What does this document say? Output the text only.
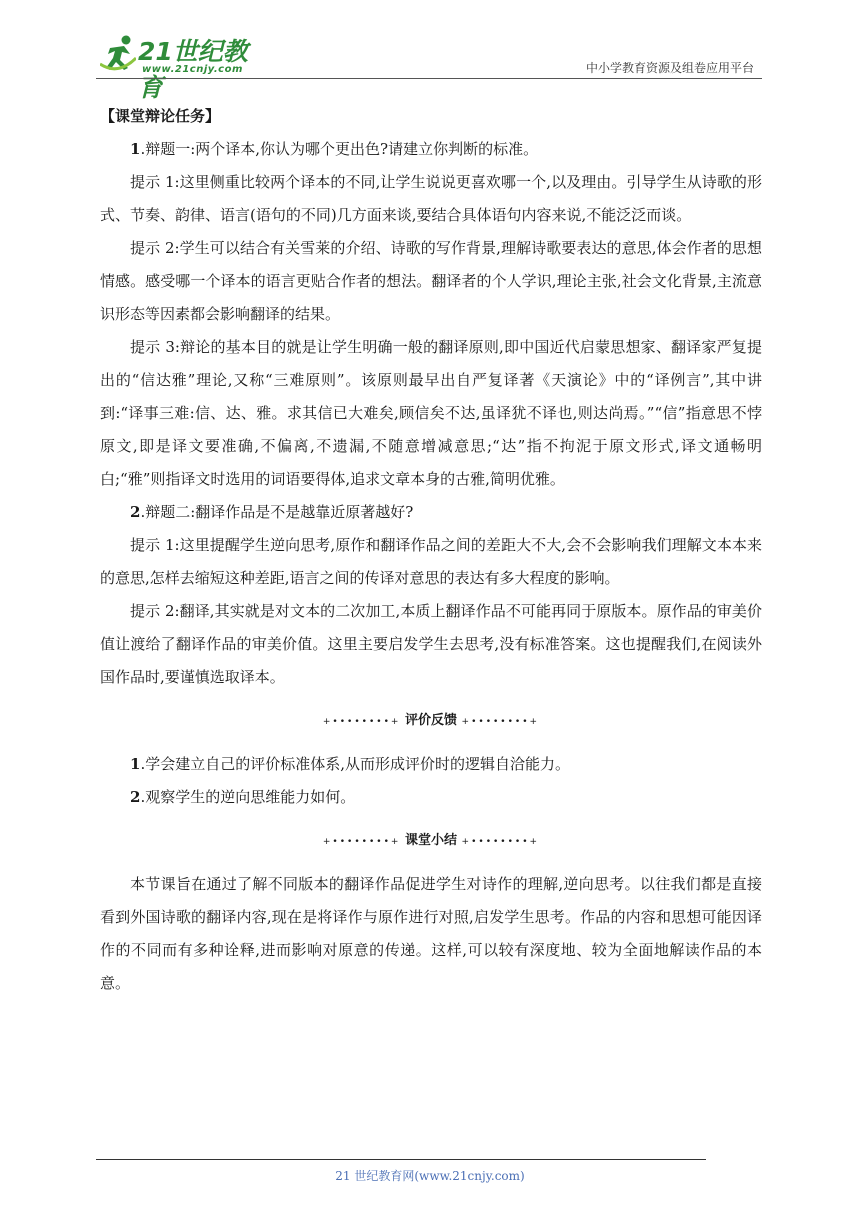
21世纪教育
www.21cnjy.com	中小学教育资源及组卷应用平台

【课堂辩论任务】

1.辩题一:两个译本,你认为哪个更出色?请建立你判断的标准。

提示 1:这里侧重比较两个译本的不同,让学生说说更喜欢哪一个,以及理由。引导学生从诗歌的形式、节奏、韵律、语言(语句的不同)几方面来谈,要结合具体语句内容来说,不能泛泛而谈。

提示 2:学生可以结合有关雪莱的介绍、诗歌的写作背景,理解诗歌要表达的意思,体会作者的思想情感。感受哪一个译本的语言更贴合作者的想法。翻译者的个人学识,理论主张,社会文化背景,主流意识形态等因素都会影响翻译的结果。

提示 3:辩论的基本目的就是让学生明确一般的翻译原则,即中国近代启蒙思想家、翻译家严复提出的“信达雅”理论,又称“三难原则”。该原则最早出自严复译著《天演论》中的“译例言”,其中讲到:“译事三难:信、达、雅。求其信已大难矣,顾信矣不达,虽译犹不译也,则达尚焉。”“信”指意思不悖原文,即是译文要准确,不偏离,不遗漏,不随意增减意思;“达”指不拘泥于原文形式,译文通畅明白;“雅”则指译文时选用的词语要得体,追求文章本身的古雅,简明优雅。

2.辩题二:翻译作品是不是越靠近原著越好?

提示 1:这里提醒学生逆向思考,原作和翻译作品之间的差距大不大,会不会影响我们理解文本本来的意思,怎样去缩短这种差距,语言之间的传译对意思的表达有多大程度的影响。

提示 2:翻译,其实就是对文本的二次加工,本质上翻译作品不可能再同于原版本。原作品的审美价值让渡给了翻译作品的审美价值。这里主要启发学生去思考,没有标准答案。这也提醒我们,在阅读外国作品时,要谨慎选取译本。

+••••••••+ 评价反馈 +••••••••+

1.学会建立自己的评价标准体系,从而形成评价时的逻辑自洽能力。

2.观察学生的逆向思维能力如何。

+••••••••+ 课堂小结 +••••••••+

本节课旨在通过了解不同版本的翻译作品促进学生对诗作的理解,逆向思考。以往我们都是直接看到外国诗歌的翻译内容,现在是将译作与原作进行对照,启发学生思考。作品的内容和思想可能因译作的不同而有多种诠释,进而影响对原意的传递。这样,可以较有深度地、较为全面地解读作品的本意。

21 世纪教育网(www.21cnjy.com)
